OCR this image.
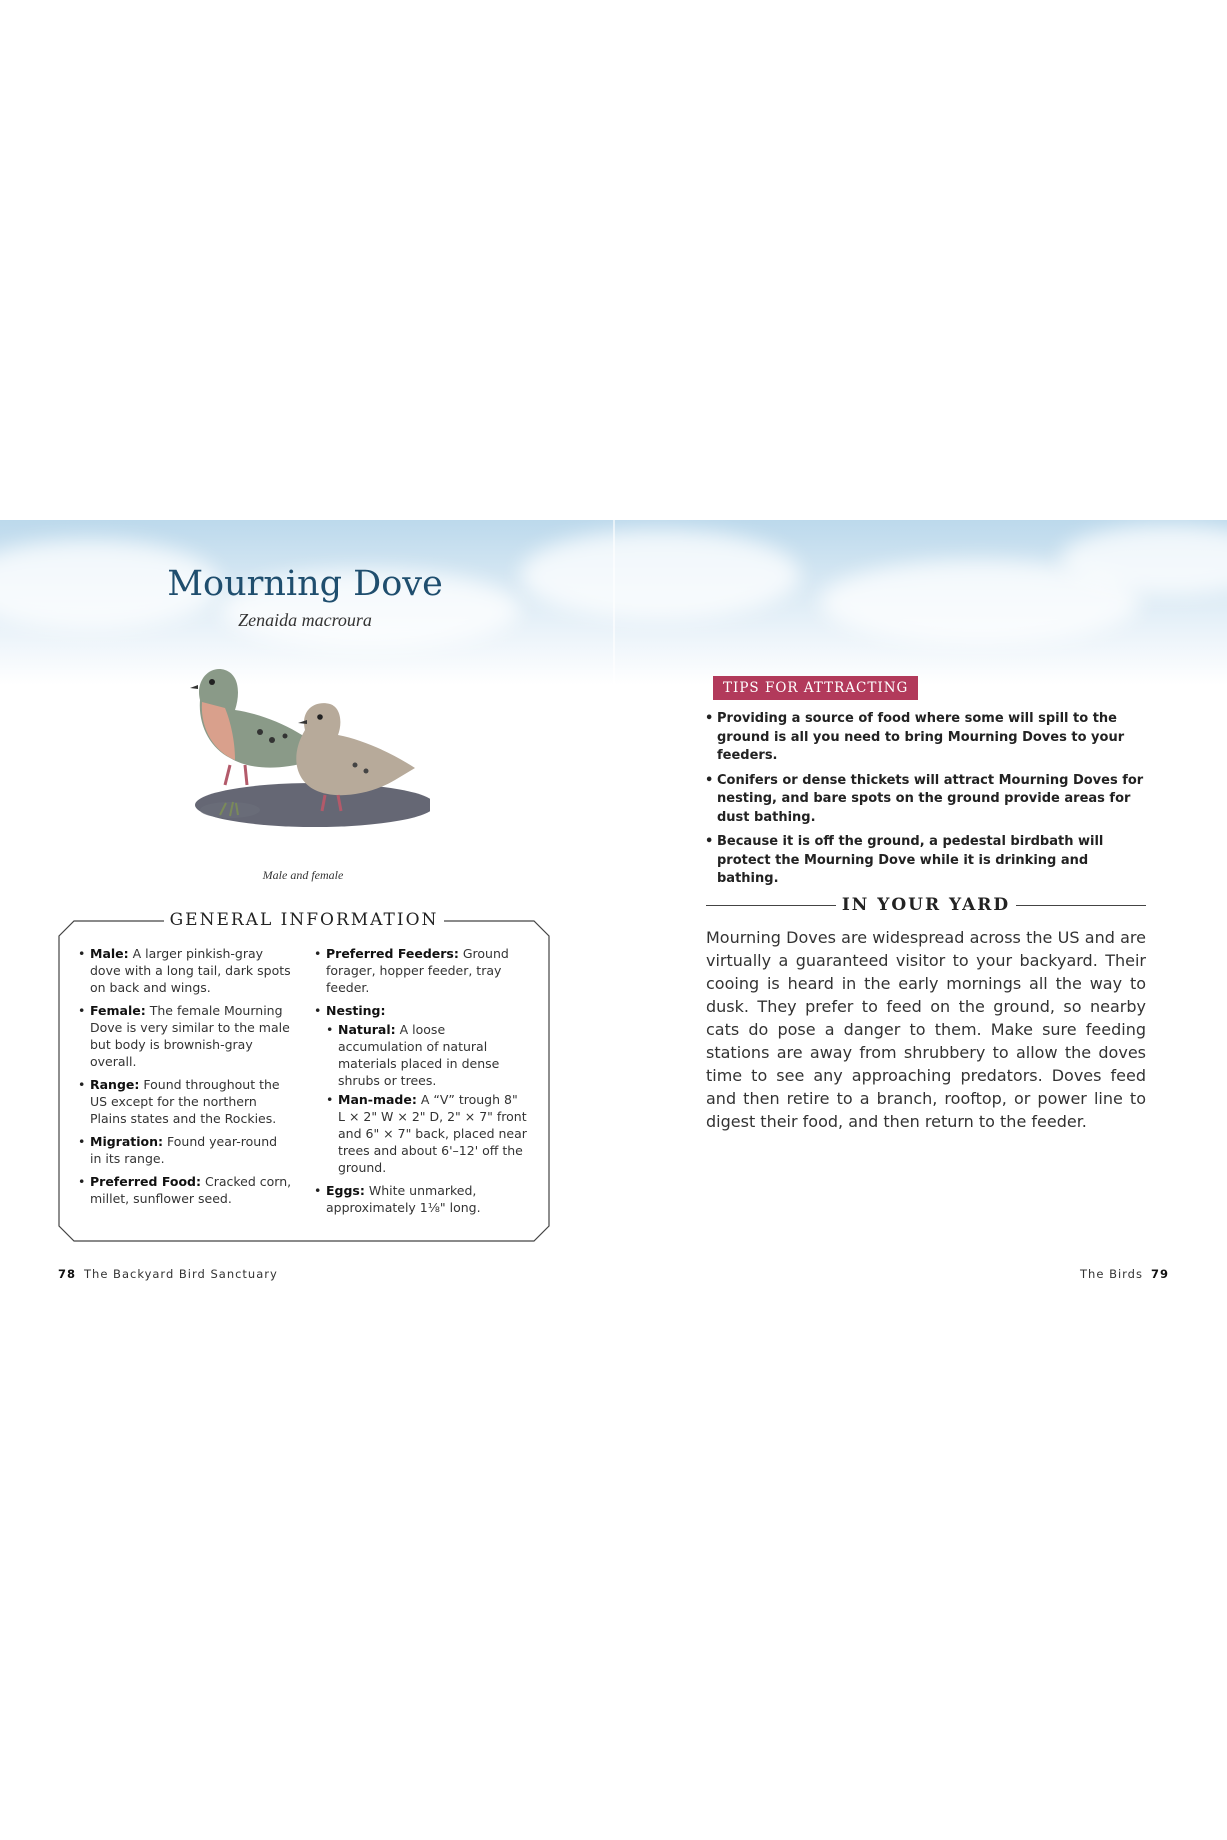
Mourning Dove
Zenaida macroura
Male and female
GENERAL INFORMATION
• Male: A larger pinkish-gray dove with a long tail, dark spots on back and wings.
• Female: The female Mourning Dove is very similar to the male but body is brownish-gray overall.
• Range: Found throughout the US except for the northern Plains states and the Rockies.
• Migration: Found year-round in its range.
• Preferred Food: Cracked corn, millet, sunflower seed.
• Preferred Feeders: Ground forager, hopper feeder, tray feeder.
• Nesting:
• Natural: A loose accumulation of natural materials placed in dense shrubs or trees.
• Man-made: A “V” trough 8" L × 2" W × 2" D, 2" × 7" front and 6" × 7" back, placed near trees and about 6'–12' off the ground.
• Eggs: White unmarked, approximately 1⅛" long.
TIPS FOR ATTRACTING
• Providing a source of food where some will spill to the ground is all you need to bring Mourning Doves to your feeders.
• Conifers or dense thickets will attract Mourning Doves for nesting, and bare spots on the ground provide areas for dust bathing.
• Because it is off the ground, a pedestal birdbath will protect the Mourning Dove while it is drinking and bathing.
IN YOUR YARD
Mourning Doves are widespread across the US and are virtually a guaranteed visitor to your backyard. Their cooing is heard in the early mornings all the way to dusk. They prefer to feed on the ground, so nearby cats do pose a danger to them. Make sure feeding stations are away from shrubbery to allow the doves time to see any approaching predators. Doves feed and then retire to a branch, rooftop, or power line to digest their food, and then return to the feeder.
78 The Backyard Bird Sanctuary	The Birds 79
